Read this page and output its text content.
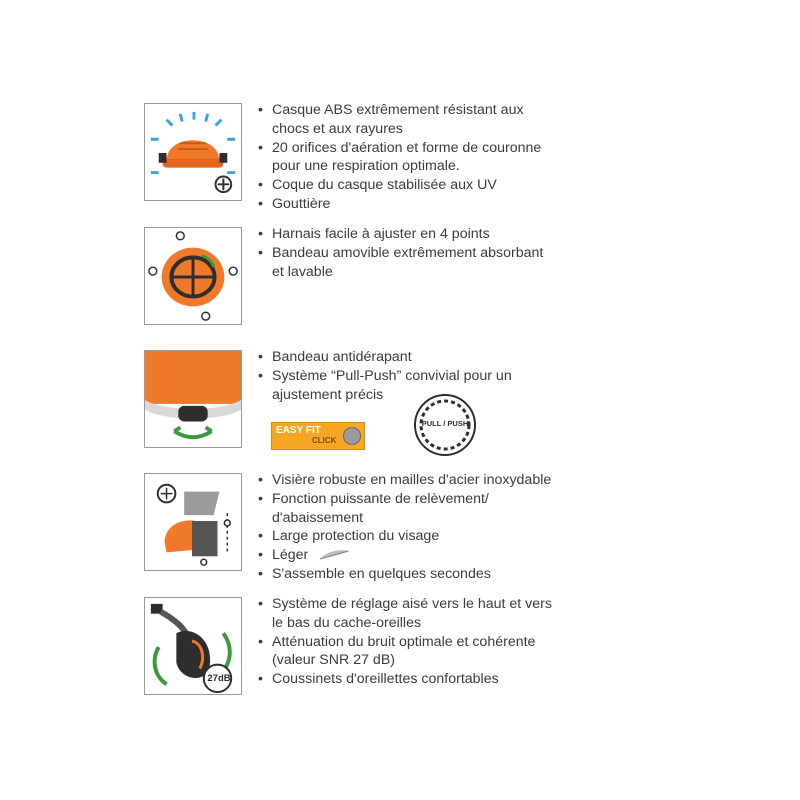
• Casque ABS extrêmement résistant aux chocs et aux rayures
• 20 orifices d'aération et forme de couronne pour une respiration optimale.
• Coque du casque stabilisée aux UV
• Gouttière
• Harnais facile à ajuster en 4 points
• Bandeau amovible extrêmement absorbant et lavable
• Bandeau antidérapant
• Système “Pull-Push” convivial pour un ajustement précis
EASY FIT
CLICK
PULL / PUSH
• Visière robuste en mailles d'acier inoxydable
• Fonction puissante de relèvement/ d'abaissement
• Large protection du visage
• Léger
• S'assemble en quelques secondes
27dB
• Système de réglage aisé vers le haut et vers le bas du cache-oreilles
• Atténuation du bruit optimale et cohérente (valeur SNR 27 dB)
• Coussinets d'oreillettes confortables
